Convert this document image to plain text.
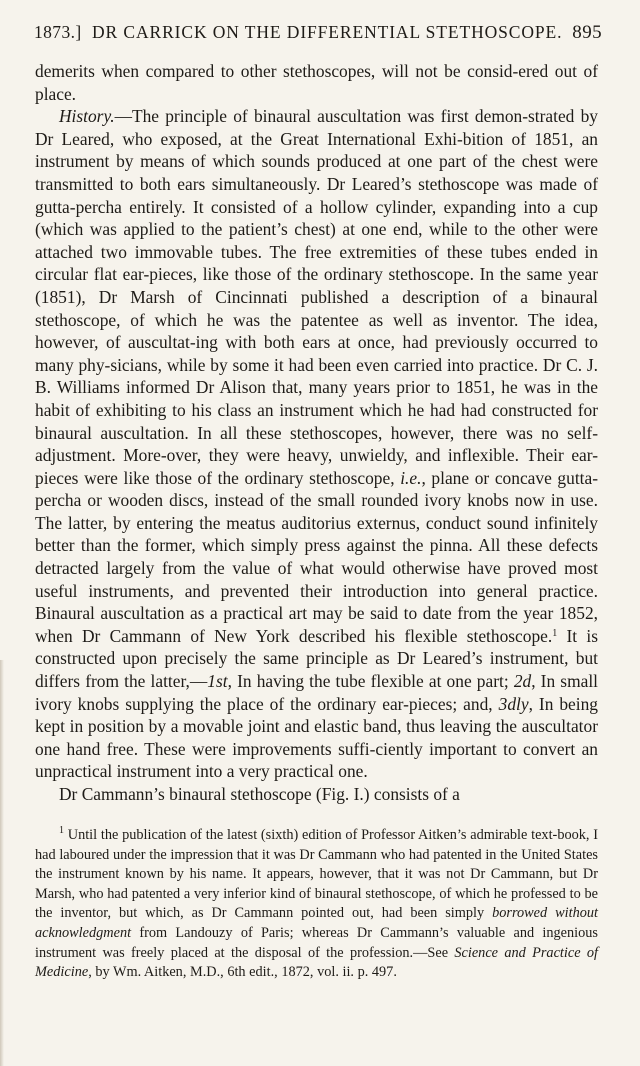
1873.] DR CARRICK ON THE DIFFERENTIAL STETHOSCOPE. 895

demerits when compared to other stethoscopes, will not be consid-ered out of place.

History.—The principle of binaural auscultation was first demon-strated by Dr Leared, who exposed, at the Great International Exhi-bition of 1851, an instrument by means of which sounds produced at one part of the chest were transmitted to both ears simultaneously. Dr Leared’s stethoscope was made of gutta-percha entirely. It consisted of a hollow cylinder, expanding into a cup (which was applied to the patient’s chest) at one end, while to the other were attached two immovable tubes. The free extremities of these tubes ended in circular flat ear-pieces, like those of the ordinary stethoscope. In the same year (1851), Dr Marsh of Cincinnati published a description of a binaural stethoscope, of which he was the patentee as well as inventor. The idea, however, of auscultat-ing with both ears at once, had previously occurred to many phy-sicians, while by some it had been even carried into practice. Dr C. J. B. Williams informed Dr Alison that, many years prior to 1851, he was in the habit of exhibiting to his class an instrument which he had had constructed for binaural auscultation. In all these stethoscopes, however, there was no self-adjustment. More-over, they were heavy, unwieldy, and inflexible. Their ear-pieces were like those of the ordinary stethoscope, i.e., plane or concave gutta-percha or wooden discs, instead of the small rounded ivory knobs now in use. The latter, by entering the meatus auditorius externus, conduct sound infinitely better than the former, which simply press against the pinna. All these defects detracted largely from the value of what would otherwise have proved most useful instruments, and prevented their introduction into general practice. Binaural auscultation as a practical art may be said to date from the year 1852, when Dr Cammann of New York described his flexible stethoscope.$^1$ It is constructed upon precisely the same principle as Dr Leared’s instrument, but differs from the latter,—1st, In having the tube flexible at one part; 2d, In small ivory knobs supplying the place of the ordinary ear-pieces; and, 3dly, In being kept in position by a movable joint and elastic band, thus leaving the auscultator one hand free. These were improvements suffi-ciently important to convert an unpractical instrument into a very practical one.

Dr Cammann’s binaural stethoscope (Fig. I.) consists of a

$^1$ Until the publication of the latest (sixth) edition of Professor Aitken’s admirable text-book, I had laboured under the impression that it was Dr Cammann who had patented in the United States the instrument known by his name. It appears, however, that it was not Dr Cammann, but Dr Marsh, who had patented a very inferior kind of binaural stethoscope, of which he professed to be the inventor, but which, as Dr Cammann pointed out, had been simply borrowed without acknowledgment from Landouzy of Paris; whereas Dr Cammann’s valuable and ingenious instrument was freely placed at the disposal of the profession.—See Science and Practice of Medicine, by Wm. Aitken, M.D., 6th edit., 1872, vol. ii. p. 497.
